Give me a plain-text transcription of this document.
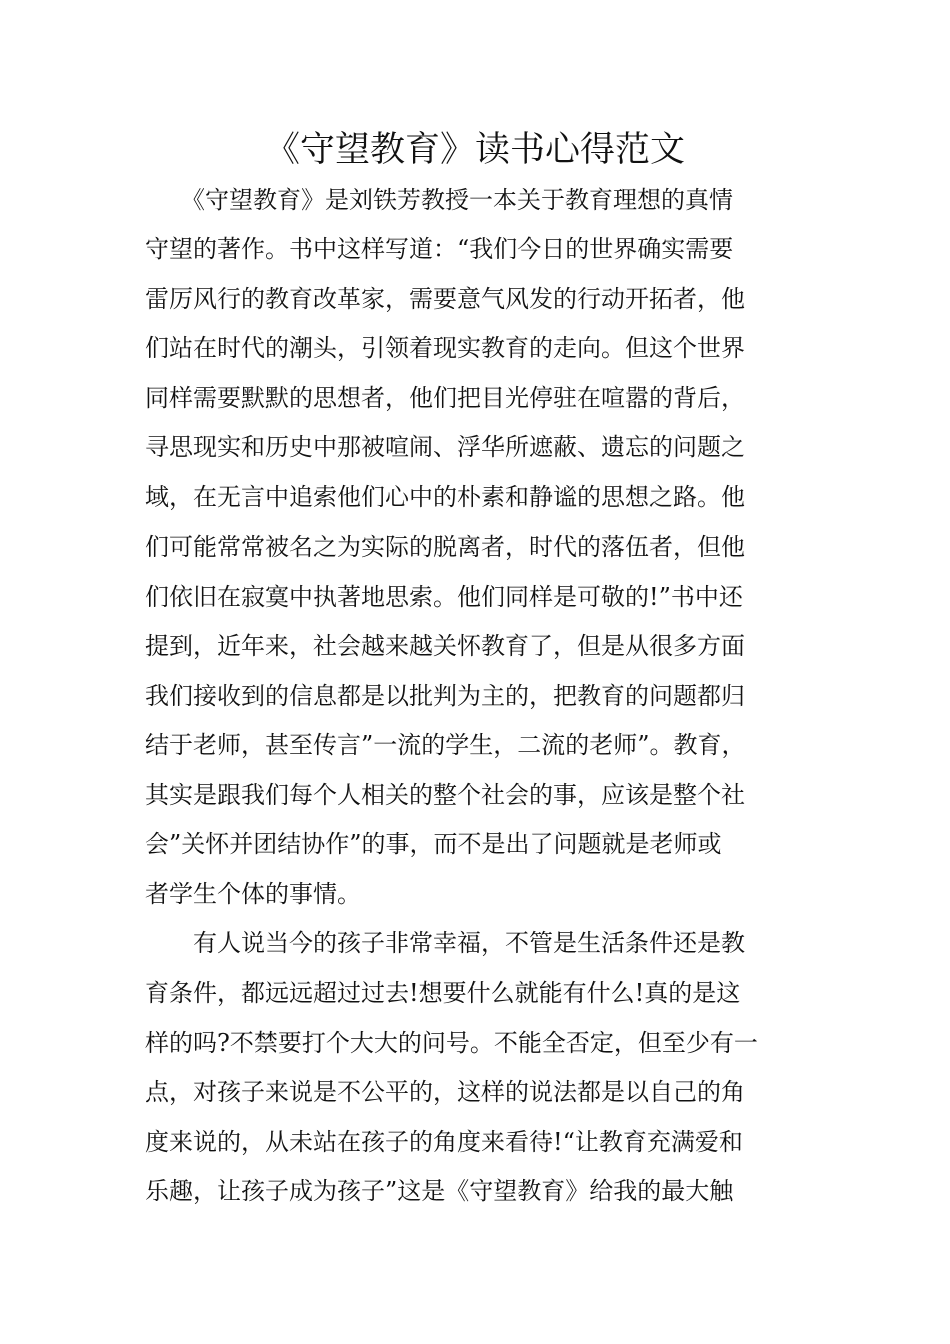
《守望教育》读书心得范文

　　《守望教育》是刘铁芳教授一本关于教育理想的真情

守望的著作。书中这样写道：“我们今日的世界确实需要

雷厉风行的教育改革家，需要意气风发的行动开拓者，他

们站在时代的潮头，引领着现实教育的走向。但这个世界

同样需要默默的思想者，他们把目光停驻在喧嚣的背后，

寻思现实和历史中那被喧闹、浮华所遮蔽、遗忘的问题之

域，在无言中追索他们心中的朴素和静谧的思想之路。他

们可能常常被名之为实际的脱离者，时代的落伍者，但他

们依旧在寂寞中执著地思索。他们同样是可敬的!”书中还

提到，近年来，社会越来越关怀教育了，但是从很多方面

我们接收到的信息都是以批判为主的，把教育的问题都归

结于老师，甚至传言”一流的学生，二流的老师”。教育，

其实是跟我们每个人相关的整个社会的事，应该是整个社

会”关怀并团结协作”的事，而不是出了问题就是老师或

者学生个体的事情。

　　有人说当今的孩子非常幸福，不管是生活条件还是教

育条件，都远远超过过去!想要什么就能有什么!真的是这

样的吗?不禁要打个大大的问号。不能全否定，但至少有一

点，对孩子来说是不公平的，这样的说法都是以自己的角

度来说的，从未站在孩子的角度来看待!“让教育充满爱和

乐趣，让孩子成为孩子”这是《守望教育》给我的最大触
